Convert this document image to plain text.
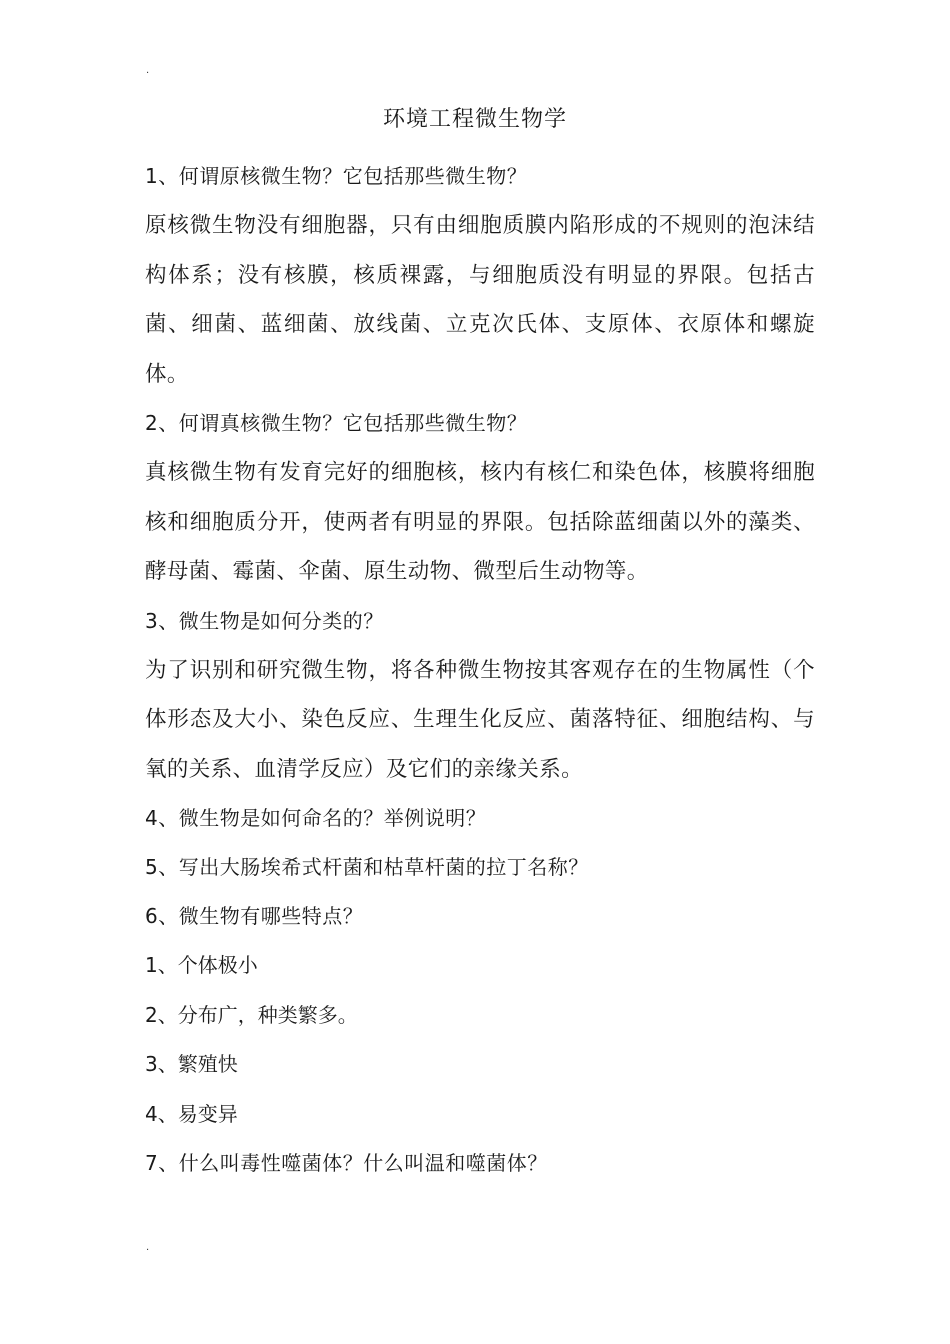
.
环境工程微生物学
1、何谓原核微生物？它包括那些微生物？

原核微生物没有细胞器，只有由细胞质膜内陷形成的不规则的泡沫结构体系；没有核膜，核质裸露，与细胞质没有明显的界限。包括古菌、细菌、蓝细菌、放线菌、立克次氏体、支原体、衣原体和螺旋体。

2、何谓真核微生物？它包括那些微生物？

真核微生物有发育完好的细胞核，核内有核仁和染色体，核膜将细胞核和细胞质分开，使两者有明显的界限。包括除蓝细菌以外的藻类、酵母菌、霉菌、伞菌、原生动物、微型后生动物等。

3、微生物是如何分类的？

为了识别和研究微生物，将各种微生物按其客观存在的生物属性（个体形态及大小、染色反应、生理生化反应、菌落特征、细胞结构、与氧的关系、血清学反应）及它们的亲缘关系。

4、微生物是如何命名的？举例说明？
5、写出大肠埃希式杆菌和枯草杆菌的拉丁名称？
6、微生物有哪些特点？
1、个体极小
2、分布广，种类繁多。
3、繁殖快
4、易变异
7、什么叫毒性噬菌体？什么叫温和噬菌体？
.
